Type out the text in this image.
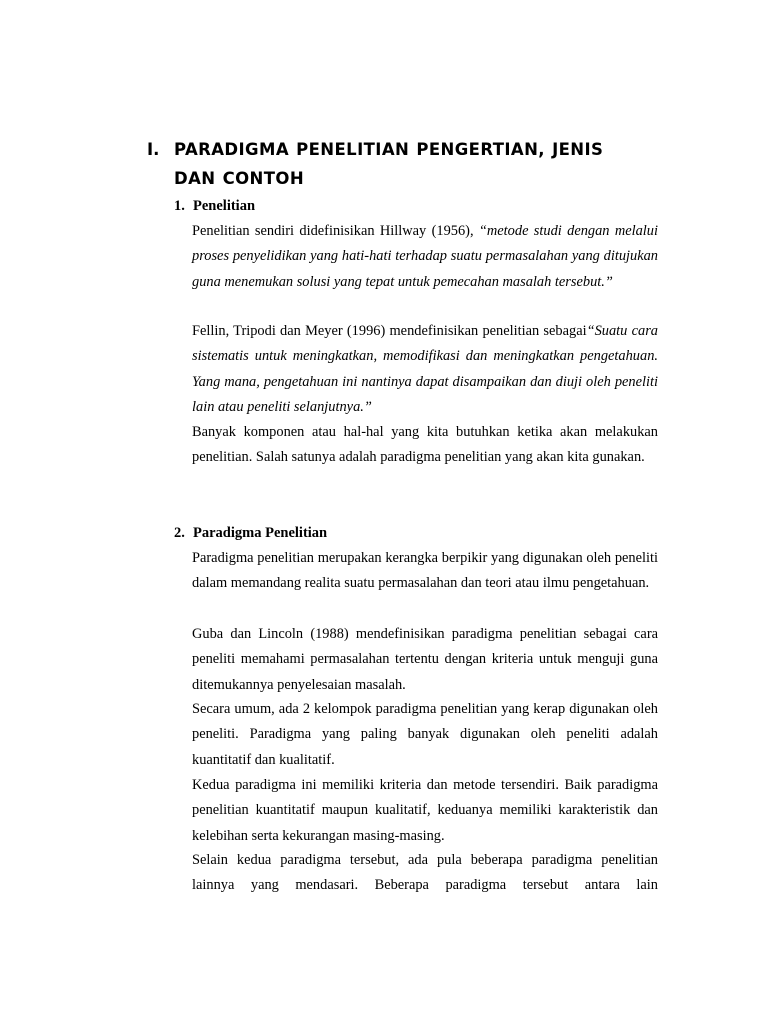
I. PARADIGMA PENELITIAN PENGERTIAN, JENIS DAN CONTOH
1. Penelitian

Penelitian sendiri didefinisikan Hillway (1956), “metode studi dengan melalui proses penyelidikan yang hati-hati terhadap suatu permasalahan yang ditujukan guna menemukan solusi yang tepat untuk pemecahan masalah tersebut.”

Fellin, Tripodi dan Meyer (1996) mendefinisikan penelitian sebagai“Suatu cara sistematis untuk meningkatkan, memodifikasi dan meningkatkan pengetahuan. Yang mana, pengetahuan ini nantinya dapat disampaikan dan diuji oleh peneliti lain atau peneliti selanjutnya.”

Banyak komponen atau hal-hal yang kita butuhkan ketika akan melakukan penelitian. Salah satunya adalah paradigma penelitian yang akan kita gunakan.

2. Paradigma Penelitian

Paradigma penelitian merupakan kerangka berpikir yang digunakan oleh peneliti dalam memandang realita suatu permasalahan dan teori atau ilmu pengetahuan.

Guba dan Lincoln (1988) mendefinisikan paradigma penelitian sebagai cara peneliti memahami permasalahan tertentu dengan kriteria untuk menguji guna ditemukannya penyelesaian masalah.

Secara umum, ada 2 kelompok paradigma penelitian yang kerap digunakan oleh peneliti. Paradigma yang paling banyak digunakan oleh peneliti adalah kuantitatif dan kualitatif.

Kedua paradigma ini memiliki kriteria dan metode tersendiri. Baik paradigma penelitian kuantitatif maupun kualitatif, keduanya memiliki karakteristik dan kelebihan serta kekurangan masing-masing.

Selain kedua paradigma tersebut, ada pula beberapa paradigma penelitian lainnya yang mendasari. Beberapa paradigma tersebut antara lain
